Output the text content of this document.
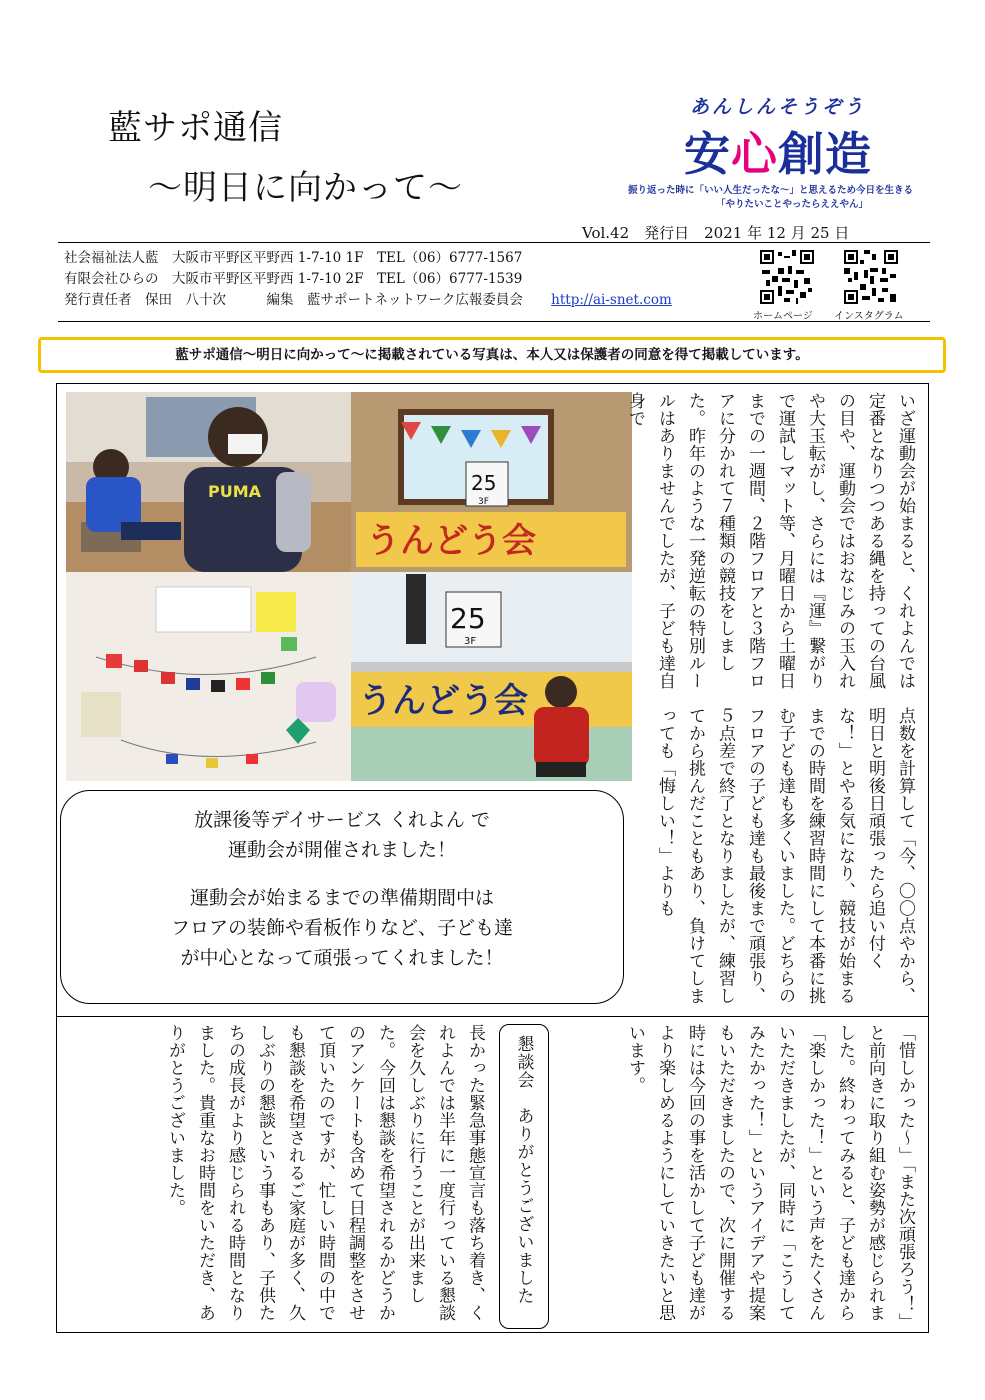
藍サポ通信
～明日に向かって～
あんしんそうぞう
安心創造
振り返った時に「いい人生だったな～」と思えるため今日を生きる
「やりたいことやったらええやん」
Vol.42　発行日　2021 年 12 月 25 日
社会福祉法人藍　大阪市平野区平野西 1-7-10 1F　TEL（06）6777-1567
有限会社ひらの　大阪市平野区平野西 1-7-10 2F　TEL（06）6777-1539
発行責任者　保田　八十次　　　編集　藍サポートネットワーク広報委員会 http://ai-snet.com
ホームページ インスタグラム
藍サポ通信～明日に向かって～に掲載されている写真は、本人又は保護者の同意を得て掲載しています。
PUMA	25
3F
うんどう会
25
3F
うんどう会

放課後等デイサービス くれよん で

運動会が開催されました！

運動会が始まるまでの準備期間中は

フロアの装飾や看板作りなど、子ども達

が中心となって頑張ってくれました！

いざ運動会が始まると、くれよんでは定番となりつつある縄を持っての台風の目や、運動会ではおなじみの玉入れや大玉転がし、さらには『運』繋がりで運試しマット等、月曜日から土曜日までの一週間、２階フロアと３階フロアに分かれて７種類の競技をしました。昨年のような一発逆転の特別ルールはありませんでしたが、子ども達自身で
点数を計算して「今、〇〇点やから、明日と明後日頑張ったら追い付くな！」とやる気になり、競技が始まるまでの時間を練習時間にして本番に挑む子ども達も多くいました。どちらのフロアの子ども達も最後まで頑張り、５点差で終了となりましたが、練習してから挑んだこともあり、負けてしまっても「悔しい！」よりも
「惜しかった～」「また次頑張ろう！」と前向きに取り組む姿勢が感じられました。終わってみると、子ども達から「楽しかった！」という声をたくさんいただきましたが、同時に「こうしてみたかった！」というアイデアや提案もいただきましたので、次に開催する時には今回の事を活かして子ども達がより楽しめるようにしていきたいと思います。
懇談会　ありがとうございました
長かった緊急事態宣言も落ち着き、くれよんでは半年に一度行っている懇談会を久しぶりに行うことが出来ました。今回は懇談を希望されるかどうかのアンケートも含めて日程調整をさせて頂いたのですが、忙しい時間の中でも懇談を希望されるご家庭が多く、久しぶりの懇談という事もあり、子供たちの成長がより感じられる時間となりました。貴重なお時間をいただき、ありがとうございました。
